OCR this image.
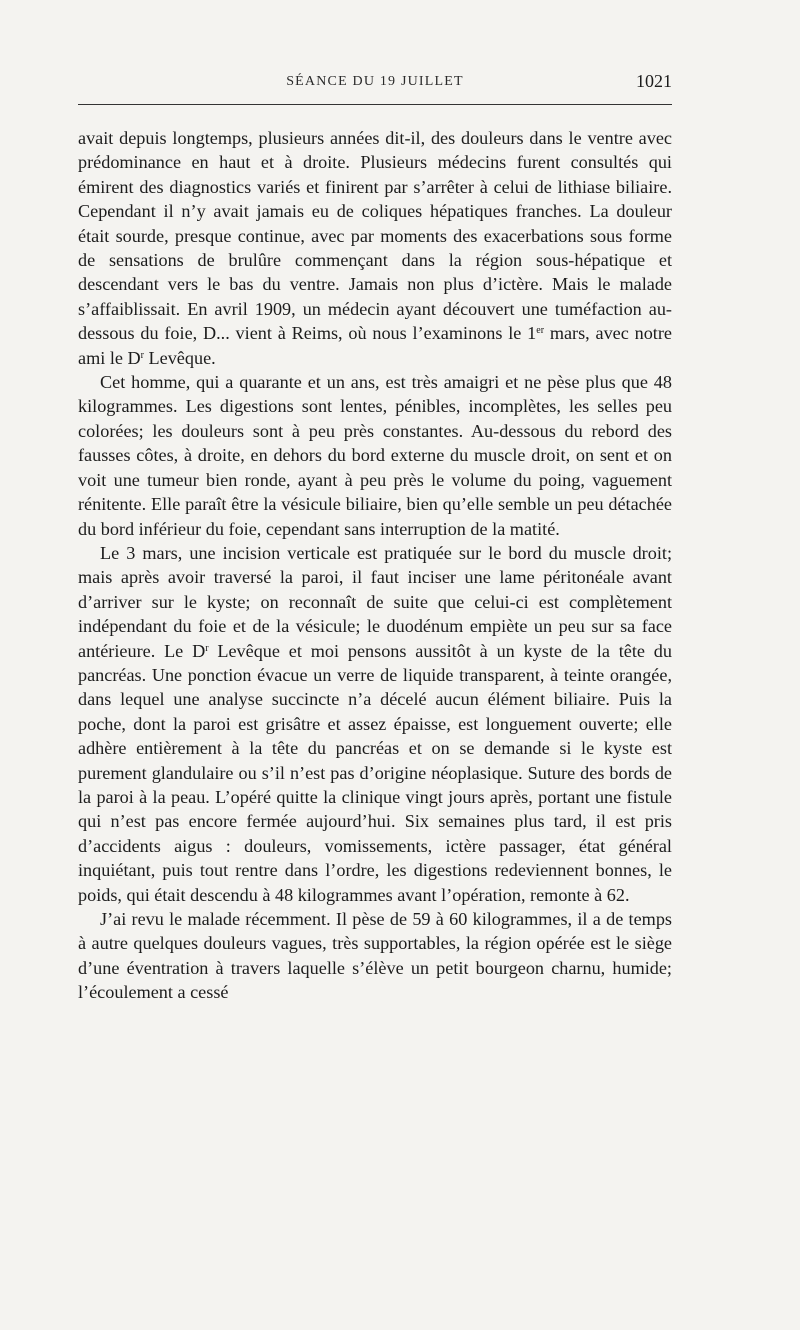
SÉANCE DU 19 JUILLET	1021

avait depuis longtemps, plusieurs années dit-il, des douleurs dans le ventre avec prédominance en haut et à droite. Plusieurs médecins furent consultés qui émirent des diagnostics variés et finirent par s’arrêter à celui de lithiase biliaire. Cependant il n’y avait jamais eu de coliques hépatiques franches. La douleur était sourde, presque continue, avec par moments des exacerbations sous forme de sensations de brulûre commençant dans la région sous-hépatique et descendant vers le bas du ventre. Jamais non plus d’ictère. Mais le malade s’affaiblissait. En avril 1909, un médecin ayant découvert une tuméfaction au-dessous du foie, D... vient à Reims, où nous l’examinons le 1er mars, avec notre ami le $D^r$ Levêque.

Cet homme, qui a quarante et un ans, est très amaigri et ne pèse plus que 48 kilogrammes. Les digestions sont lentes, pénibles, incomplètes, les selles peu colorées; les douleurs sont à peu près constantes. Au-dessous du rebord des fausses côtes, à droite, en dehors du bord externe du muscle droit, on sent et on voit une tumeur bien ronde, ayant à peu près le volume du poing, vaguement rénitente. Elle paraît être la vésicule biliaire, bien qu’elle semble un peu détachée du bord inférieur du foie, cependant sans interruption de la matité.

Le 3 mars, une incision verticale est pratiquée sur le bord du muscle droit; mais après avoir traversé la paroi, il faut inciser une lame péritonéale avant d’arriver sur le kyste; on reconnaît de suite que celui-ci est complètement indépendant du foie et de la vésicule; le duodénum empiète un peu sur sa face antérieure. Le $D^r$ Levêque et moi pensons aussitôt à un kyste de la tête du pancréas. Une ponction évacue un verre de liquide transparent, à teinte orangée, dans lequel une analyse succincte n’a décelé aucun élément biliaire. Puis la poche, dont la paroi est grisâtre et assez épaisse, est longuement ouverte; elle adhère entièrement à la tête du pancréas et on se demande si le kyste est purement glandulaire ou s’il n’est pas d’origine néoplasique. Suture des bords de la paroi à la peau. L’opéré quitte la clinique vingt jours après, portant une fistule qui n’est pas encore fermée aujourd’hui. Six semaines plus tard, il est pris d’accidents aigus : douleurs, vomissements, ictère passager, état général inquiétant, puis tout rentre dans l’ordre, les digestions redeviennent bonnes, le poids, qui était descendu à 48 kilogrammes avant l’opération, remonte à 62.

J’ai revu le malade récemment. Il pèse de 59 à 60 kilogrammes, il a de temps à autre quelques douleurs vagues, très supportables, la région opérée est le siège d’une éventration à travers laquelle s’élève un petit bourgeon charnu, humide; l’écoulement a cessé
